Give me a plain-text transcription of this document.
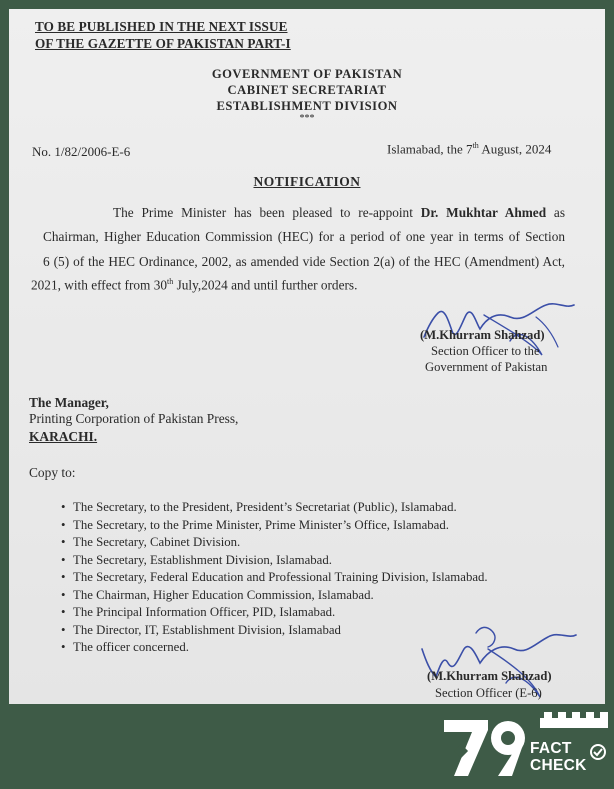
TO BE PUBLISHED IN THE NEXT ISSUE
OF THE GAZETTE OF PAKISTAN PART-I
GOVERNMENT OF PAKISTAN
CABINET SECRETARIAT
ESTABLISHMENT DIVISION
***
No. 1/82/2006-E-6	Islamabad, the 7th August, 2024
NOTIFICATION
The Prime Minister has been pleased to re-appoint Dr. Mukhtar Ahmed as
Chairman, Higher Education Commission (HEC) for a period of one year in terms of Section
6 (5) of the HEC Ordinance, 2002, as amended vide Section 2(a) of the HEC (Amendment) Act,
2021, with effect from 30th July,2024 and until further orders.
(M.Khurram Shahzad)
Section Officer to the
Government of Pakistan
The Manager,
Printing Corporation of Pakistan Press,
KARACHI.
Copy to:
• The Secretary, to the President, President’s Secretariat (Public), Islamabad.
• The Secretary, to the Prime Minister, Prime Minister’s Office, Islamabad.
• The Secretary, Cabinet Division.
• The Secretary, Establishment Division, Islamabad.
• The Secretary, Federal Education and Professional Training Division, Islamabad.
• The Chairman, Higher Education Commission, Islamabad.
• The Principal Information Officer, PID, Islamabad.
• The Director, IT, Establishment Division, Islamabad
• The officer concerned.
(M.Khurram Shahzad)
Section Officer (E-6)
FACT
CHECK
